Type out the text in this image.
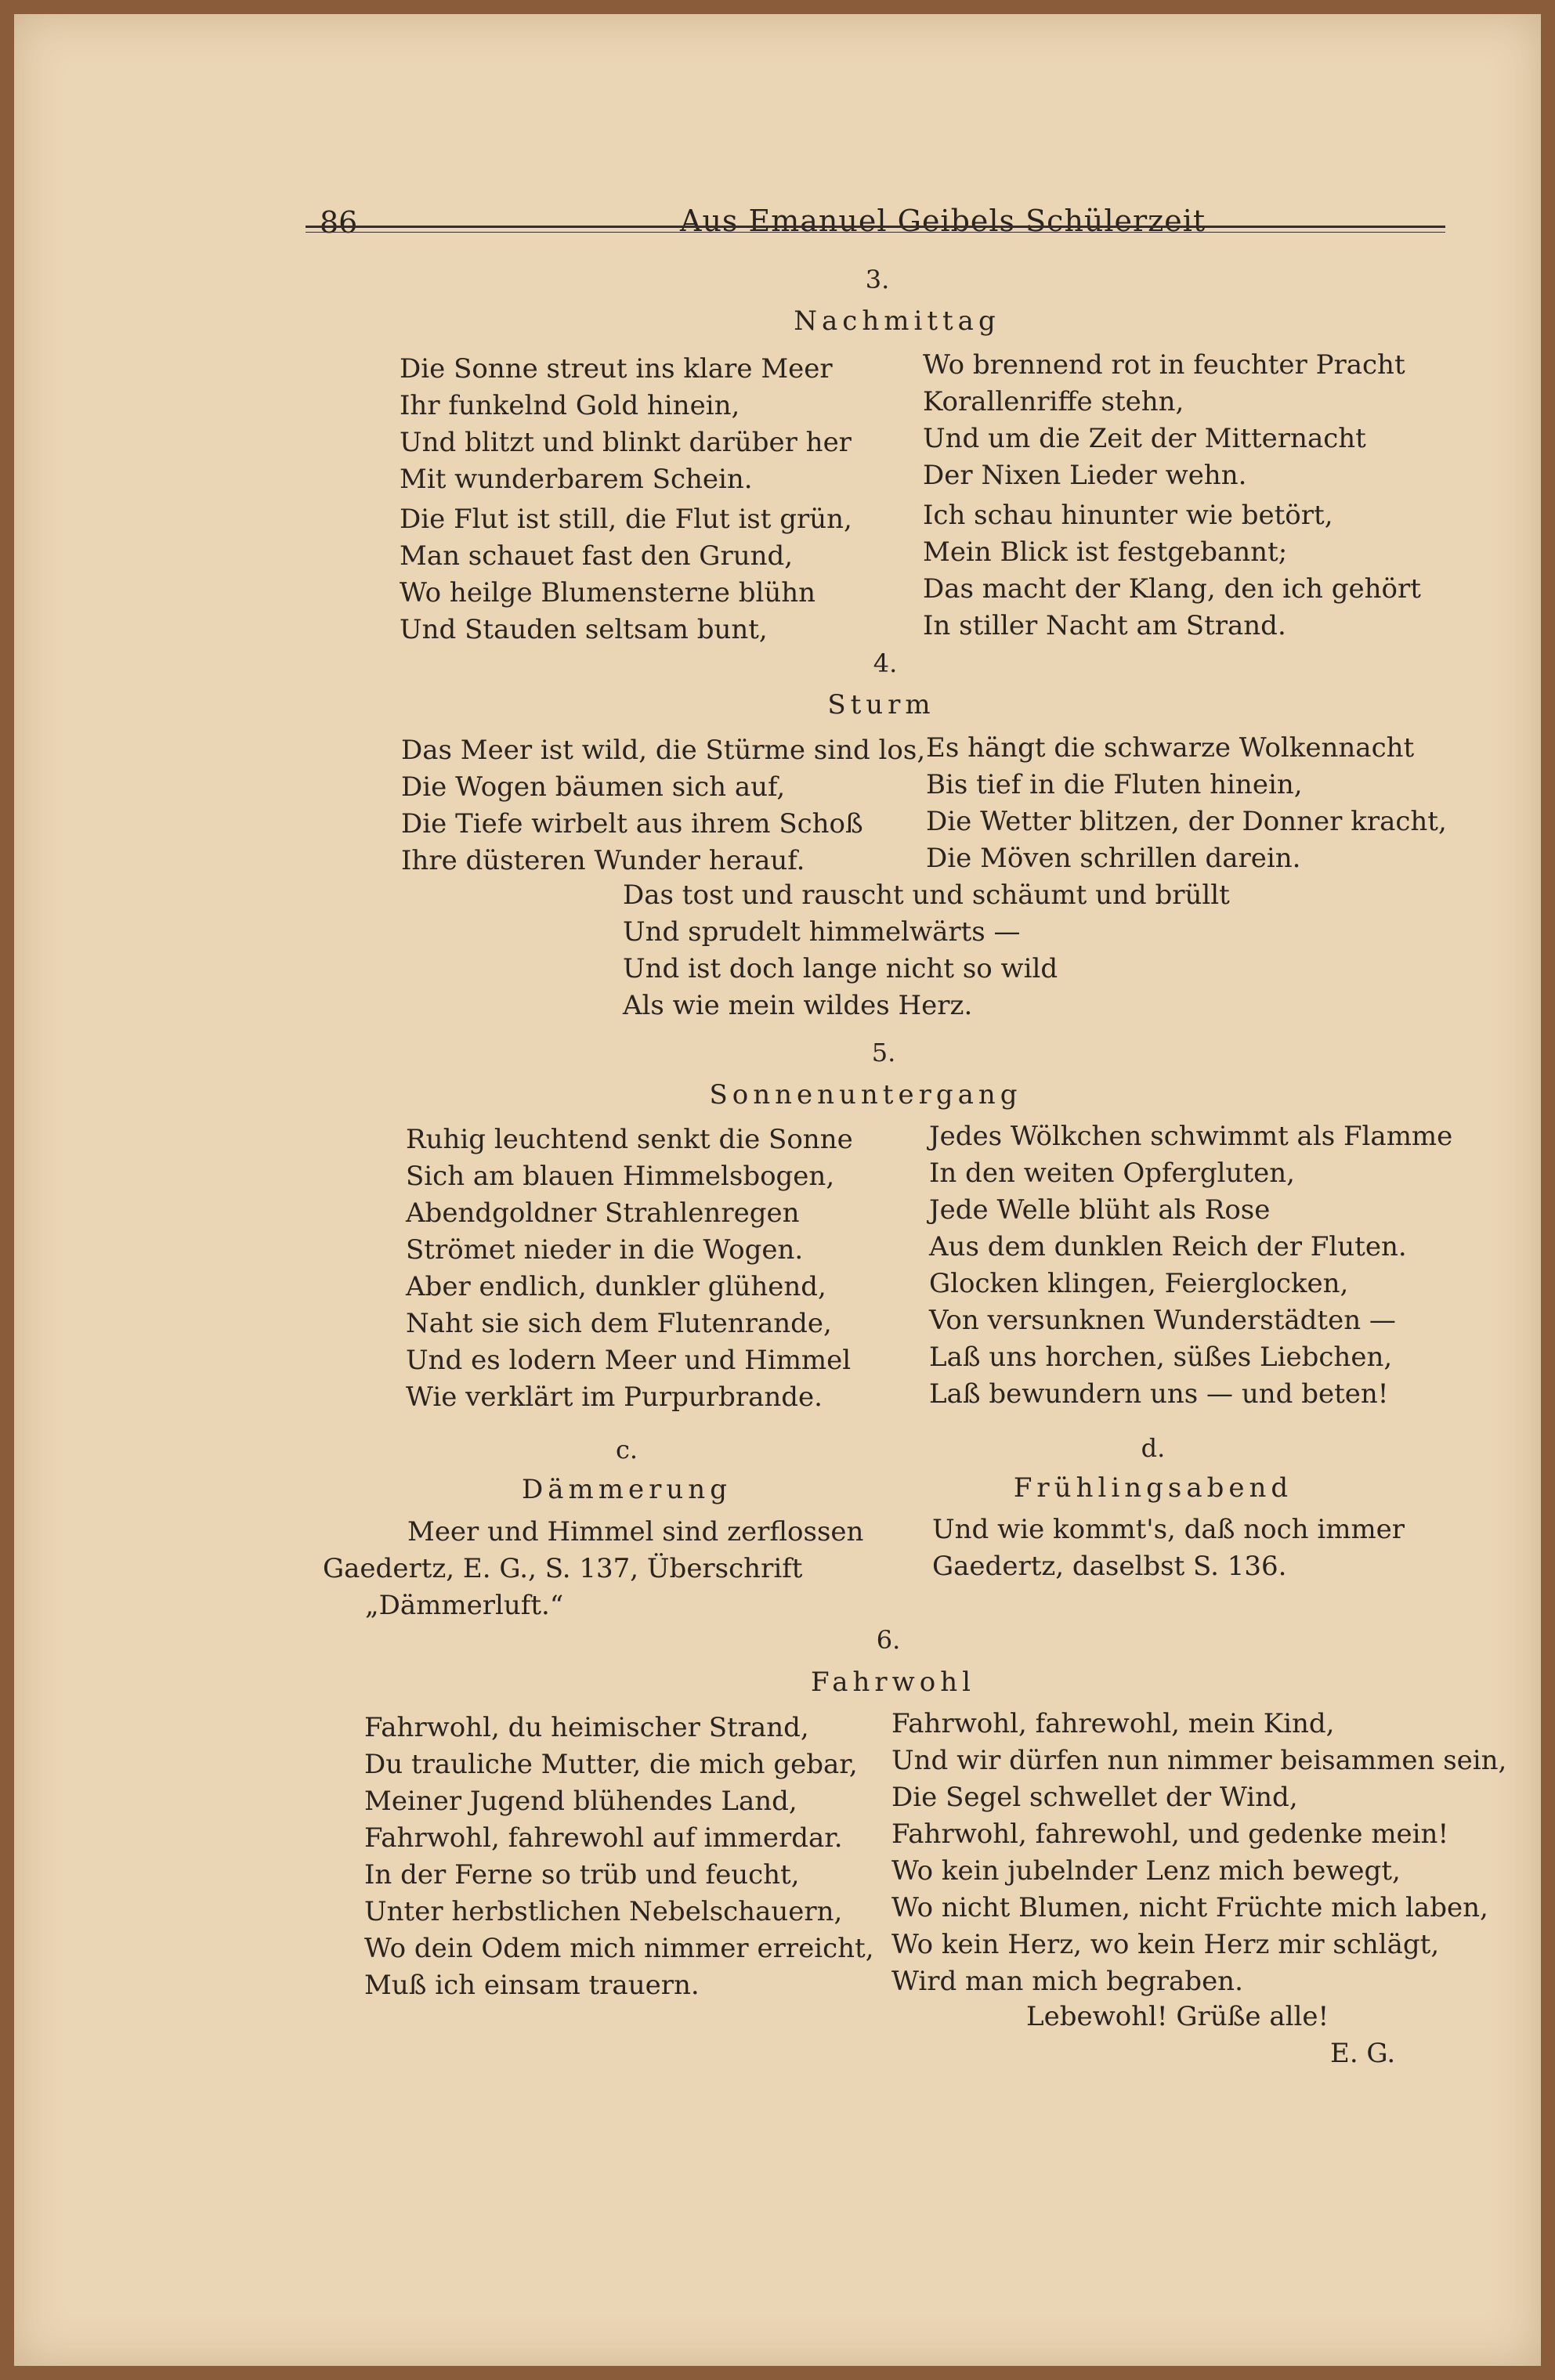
86	Aus Emanuel Geibels Schülerzeit
3.
Nachmittag
Die Sonne streut ins klare Meer
Ihr funkelnd Gold hinein,
Und blitzt und blinkt darüber her
Mit wunderbarem Schein.
Die Flut ist still, die Flut ist grün,
Man schauet fast den Grund,
Wo heilge Blumensterne blühn
Und Stauden seltsam bunt,
Wo brennend rot in feuchter Pracht
Korallenriffe stehn,
Und um die Zeit der Mitternacht
Der Nixen Lieder wehn.
Ich schau hinunter wie betört,
Mein Blick ist festgebannt;
Das macht der Klang, den ich gehört
In stiller Nacht am Strand.
4.
Sturm
Das Meer ist wild, die Stürme sind los,
Die Wogen bäumen sich auf,
Die Tiefe wirbelt aus ihrem Schoß
Ihre düsteren Wunder herauf.
Es hängt die schwarze Wolkennacht
Bis tief in die Fluten hinein,
Die Wetter blitzen, der Donner kracht,
Die Möven schrillen darein.
Das tost und rauscht und schäumt und brüllt
Und sprudelt himmelwärts —
Und ist doch lange nicht so wild
Als wie mein wildes Herz.
5.
Sonnenuntergang
Ruhig leuchtend senkt die Sonne
Sich am blauen Himmelsbogen,
Abendgoldner Strahlenregen
Strömet nieder in die Wogen.
Aber endlich, dunkler glühend,
Naht sie sich dem Flutenrande,
Und es lodern Meer und Himmel
Wie verklärt im Purpurbrande.
Jedes Wölkchen schwimmt als Flamme
In den weiten Opfergluten,
Jede Welle blüht als Rose
Aus dem dunklen Reich der Fluten.
Glocken klingen, Feierglocken,
Von versunknen Wunderstädten —
Laß uns horchen, süßes Liebchen,
Laß bewundern uns — und beten!
c.
Dämmerung
Meer und Himmel sind zerflossen
Gaedertz, E. G., S. 137, Überschrift
„Dämmerluft.“
d.
Frühlingsabend
Und wie kommt's, daß noch immer
Gaedertz, daselbst S. 136.
6.
Fahrwohl
Fahrwohl, du heimischer Strand,
Du trauliche Mutter, die mich gebar,
Meiner Jugend blühendes Land,
Fahrwohl, fahrewohl auf immerdar.
In der Ferne so trüb und feucht,
Unter herbstlichen Nebelschauern,
Wo dein Odem mich nimmer erreicht,
Muß ich einsam trauern.
Fahrwohl, fahrewohl, mein Kind,
Und wir dürfen nun nimmer beisammen sein,
Die Segel schwellet der Wind,
Fahrwohl, fahrewohl, und gedenke mein!
Wo kein jubelnder Lenz mich bewegt,
Wo nicht Blumen, nicht Früchte mich laben,
Wo kein Herz, wo kein Herz mir schlägt,
Wird man mich begraben.
Lebewohl! Grüße alle!
E. G.
